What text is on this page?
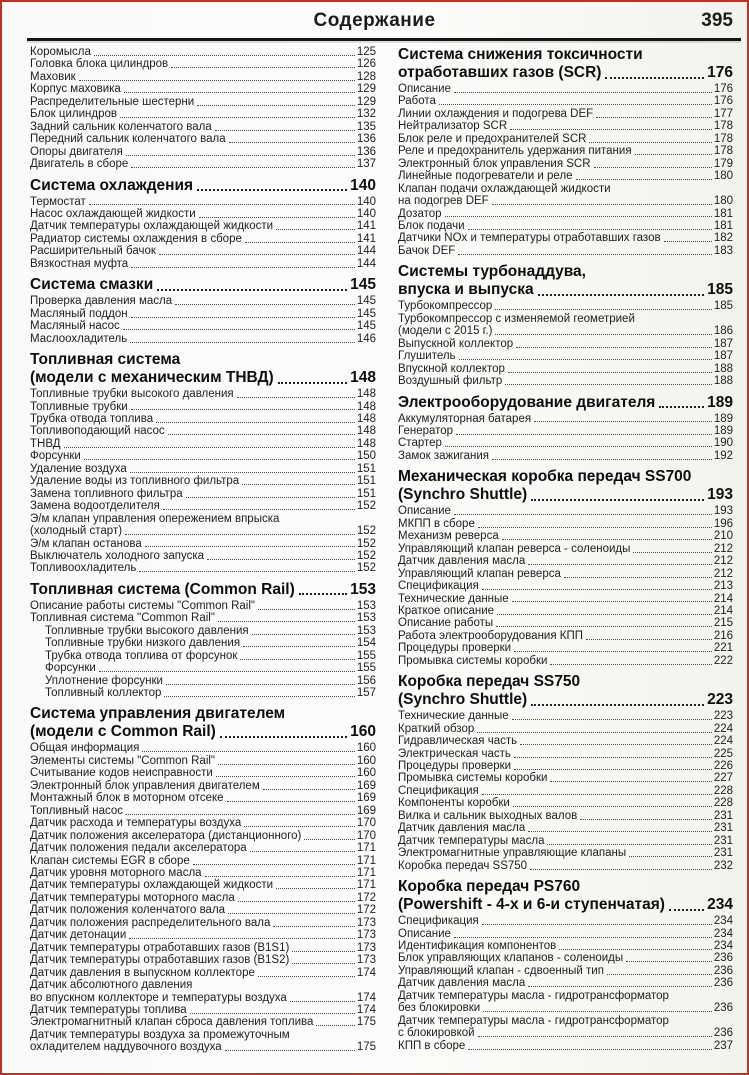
Содержание	395
Коромысла	125
Головка блока цилиндров	126
Маховик	128
Корпус маховика	129
Распределительные шестерни	129
Блок цилиндров	132
Задний сальник коленчатого вала	135
Передний сальник коленчатого вала	136
Опоры двигателя	136
Двигатель в сборе	137
Система охлаждения	140
Термостат	140
Насос охлаждающей жидкости	140
Датчик температуры охлаждающей жидкости	141
Радиатор системы охлаждения в сборе	141
Расширительный бачок	144
Вязкостная муфта	144
Система смазки	145
Проверка давления масла	145
Масляный поддон	145
Масляный насос	145
Маслоохладитель	146
Топливная система
(модели с механическим ТНВД)	148
Топливные трубки высокого давления	148
Топливные трубки	148
Трубка отвода топлива	148
Топливоподающий насос	148
ТНВД	148
Форсунки	150
Удаление воздуха	151
Удаление воды из топливного фильтра	151
Замена топливного фильтра	151
Замена водоотделителя	152
Э/м клапан управления опережением впрыска
(холодный старт)	152
Э/м клапан останова	152
Выключатель холодного запуска	152
Топливоохладитель	152
Топливная система (Common Rail)	153
Описание работы системы "Common Rail"	153
Топливная система "Common Rail"	153
Топливные трубки высокого давления	153
Топливные трубки низкого давления	154
Трубка отвода топлива от форсунок	155
Форсунки	155
Уплотнение форсунки	156
Топливный коллектор	157
Система управления двигателем
(модели с Common Rail)	160
Общая информация	160
Элементы системы "Common Rail"	160
Считывание кодов неисправности	160
Электронный блок управления двигателем	169
Монтажный блок в моторном отсеке	169
Топливный насос	169
Датчик расхода и температуры воздуха	170
Датчик положения акселератора (дистанционного)	170
Датчик положения педали акселератора	171
Клапан системы EGR в сборе	171
Датчик уровня моторного масла	171
Датчик температуры охлаждающей жидкости	171
Датчик температуры моторного масла	172
Датчик положения коленчатого вала	172
Датчик положения распределительного вала	173
Датчик детонации	173
Датчик температуры отработавших газов (B1S1)	173
Датчик температуры отработавших газов (B1S2)	173
Датчик давления в выпускном коллекторе	174
Датчик абсолютного давления
во впускном коллекторе и температуры воздуха	174
Датчик температуры топлива	174
Электромагнитный клапан сброса давления топлива	175
Датчик температуры воздуха за промежуточным
охладителем наддувочного воздуха	175
Система снижения токсичности
отработавших газов (SCR)	176
Описание	176
Работа	176
Линии охлаждения и подогрева DEF	177
Нейтрализатор SCR	178
Блок реле и предохранителей SCR	178
Реле и предохранитель удержания питания	178
Электронный блок управления SCR	179
Линейные подогреватели и реле	180
Клапан подачи охлаждающей жидкости
на подогрев DEF	180
Дозатор	181
Блок подачи	181
Датчики NOx и температуры отработавших газов	182
Бачок DEF	183
Системы турбонаддува,
впуска и выпуска	185
Турбокомпрессор	185
Турбокомпрессор с изменяемой геометрией
(модели с 2015 г.)	186
Выпускной коллектор	187
Глушитель	187
Впускной коллектор	188
Воздушный фильтр	188
Электрооборудование двигателя	189
Аккумуляторная батарея	189
Генератор	189
Стартер	190
Замок зажигания	192
Механическая коробка передач SS700
(Synchro Shuttle)	193
Описание	193
МКПП в сборе	196
Механизм реверса	210
Управляющий клапан реверса - соленоиды	212
Датчик давления масла	212
Управляющий клапан реверса	212
Спецификация	213
Технические данные	214
Краткое описание	214
Описание работы	215
Работа электрооборудования КПП	216
Процедуры проверки	221
Промывка системы коробки	222
Коробка передач SS750
(Synchro Shuttle)	223
Технические данные	223
Краткий обзор	224
Гидравлическая часть	224
Электрическая часть	225
Процедуры проверки	226
Промывка системы коробки	227
Спецификация	228
Компоненты коробки	228
Вилка и сальник выходных валов	231
Датчик давления масла	231
Датчик температуры масла	231
Электромагнитные управляющие клапаны	231
Коробка передач SS750	232
Коробка передач PS760
(Powershift - 4-х и 6-и ступенчатая)	234
Спецификация	234
Описание	234
Идентификация компонентов	234
Блок управляющих клапанов - соленоиды	236
Управляющий клапан - сдвоенный тип	236
Датчик давления масла	236
Датчик температуры масла - гидротрансформатор
без блокировки	236
Датчик температуры масла - гидротрансформатор
с блокировкой	236
КПП в сборе	237
